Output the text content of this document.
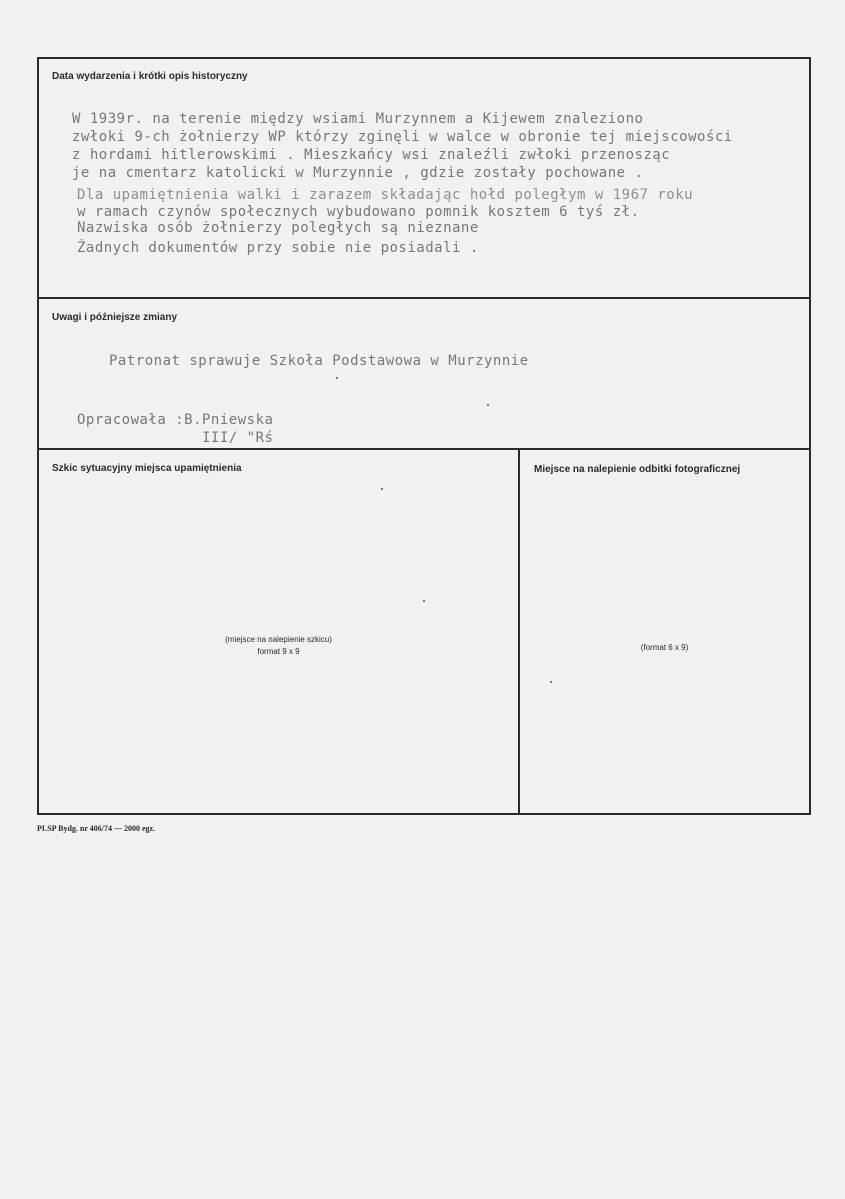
Data wydarzenia i krótki opis historyczny
W 1939r. na terenie między wsiami Murzynnem a Kijewem znaleziono
zwłoki 9-ch żołnierzy WP którzy zginęli w walce w obronie tej miejscowości
z hordami hitlerowskimi . Mieszkańcy wsi znaleźli zwłoki przenosząc
je na cmentarz katolicki w Murzynnie , gdzie zostały pochowane .
Dla upamiętnienia walki i zarazem składając hołd poległym w 1967 roku
w ramach czynów społecznych wybudowano pomnik kosztem 6 tyś zł.
Nazwiska osób żołnierzy poległych są nieznane
Żadnych dokumentów przy sobie nie posiadali .
Uwagi i późniejsze zmiany
Patronat sprawuje Szkoła Podstawowa w Murzynnie
Opracowała :B.Pniewska
III/ "Rś
Szkic sytuacyjny miejsca upamiętnienia
(miejsce na nalepienie szkicu)
format 9 x 9
Miejsce na nalepienie odbitki fotograficznej
(format 6 x 9)
PLSP Bydg. nr 406/74 — 2000 egz.
